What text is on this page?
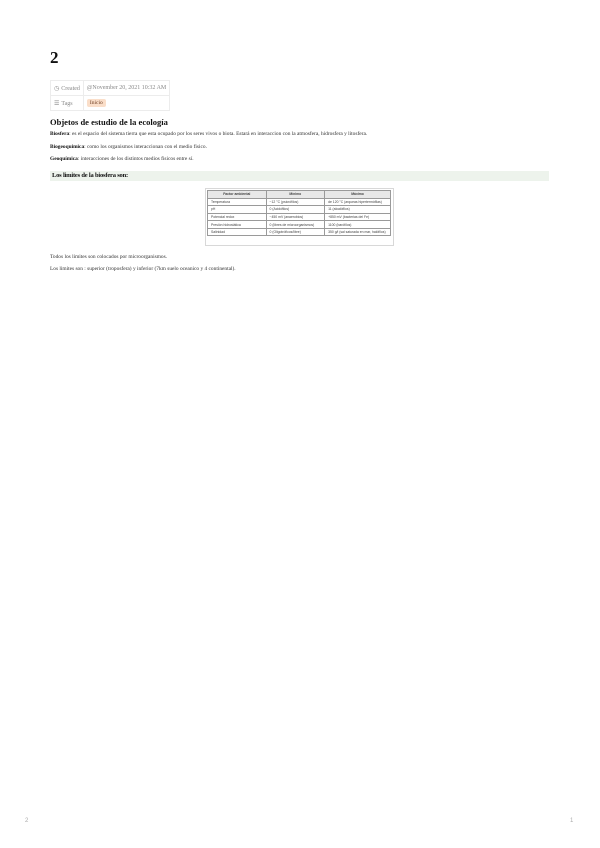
2
◷ Created	@November 20, 2021 10:32 AM
☰ Tags	Inicio
Objetos de estudio de la ecología

Biosfera: es el espacio del sistema tierra que esta ocupado por los seres vivos o biota. Estará en interaccion con la atmosfera, hidrosfera y litosfera.

Biogeoquimica: como los organismos interaccionan con el medio fisico.

Geoquímica: interacciones de los distintos medios fisicos entre sí.

Los limites de la biosfera son:
Factor ambiental	Mínimo	Máximo
Temperatura	−12 °C (psicrófilos)	de 120 °C (arqueas hipertermófilas)
pH	0 (Acidófilos)	11 (alcalófilos)
Potencial redox	−450 mV (anaerobios)	+850 mV (bacterias del Fe)
Presión hidrostática	0 (libres de microorganismos)	1100 (barófilos)
Salinidad	0 (Oligotróficos/libre)	350 g/l (sal saturada en mar, halófilos)

Todos los limites son colocados por microorganismos.

Los limites son : superior (troposfera) y inferior (7km suelo oceanico y 4 continental).

2	1
